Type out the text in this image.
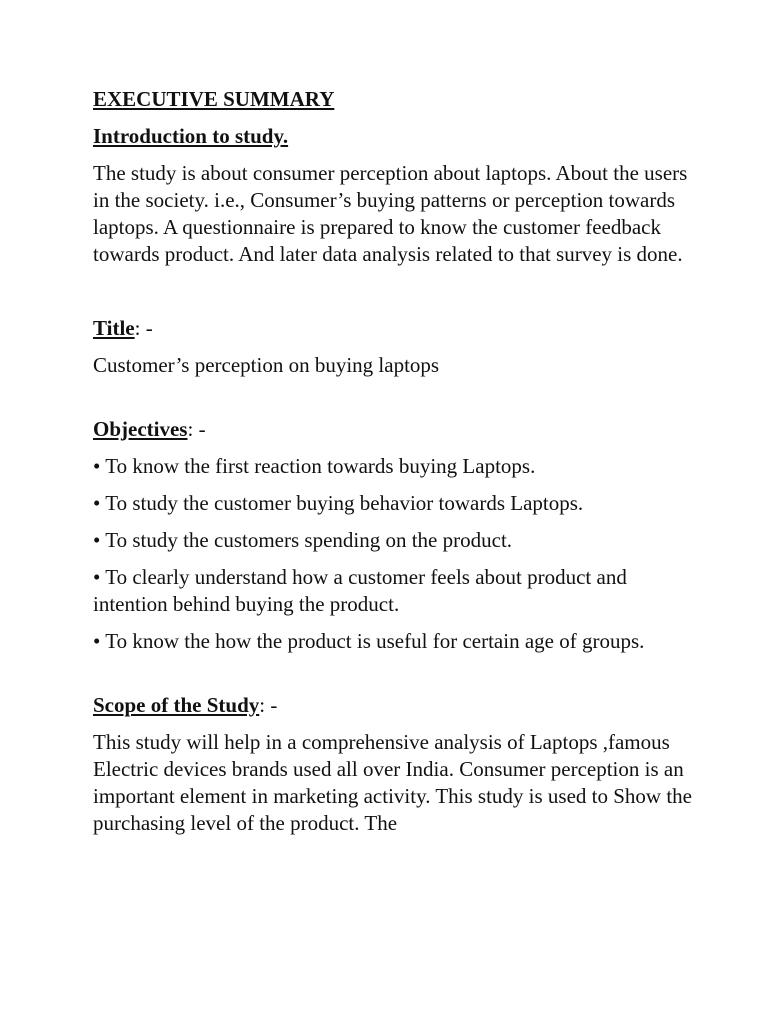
EXECUTIVE SUMMARY

Introduction to study.

The study is about consumer perception about laptops. About the users in the society. i.e., Consumer’s buying patterns or perception towards laptops. A questionnaire is prepared to know the customer feedback towards product. And later data analysis related to that survey is done.

Title: -

Customer’s perception on buying laptops

Objectives: -

• To know the first reaction towards buying Laptops.

• To study the customer buying behavior towards Laptops.

• To study the customers spending on the product.

• To clearly understand how a customer feels about product and intention behind buying the product.

• To know the how the product is useful for certain age of groups.

Scope of the Study: -

This study will help in a comprehensive analysis of Laptops ,famous Electric devices brands used all over India. Consumer perception is an important element in marketing activity. This study is used to Show the purchasing level of the product. The
